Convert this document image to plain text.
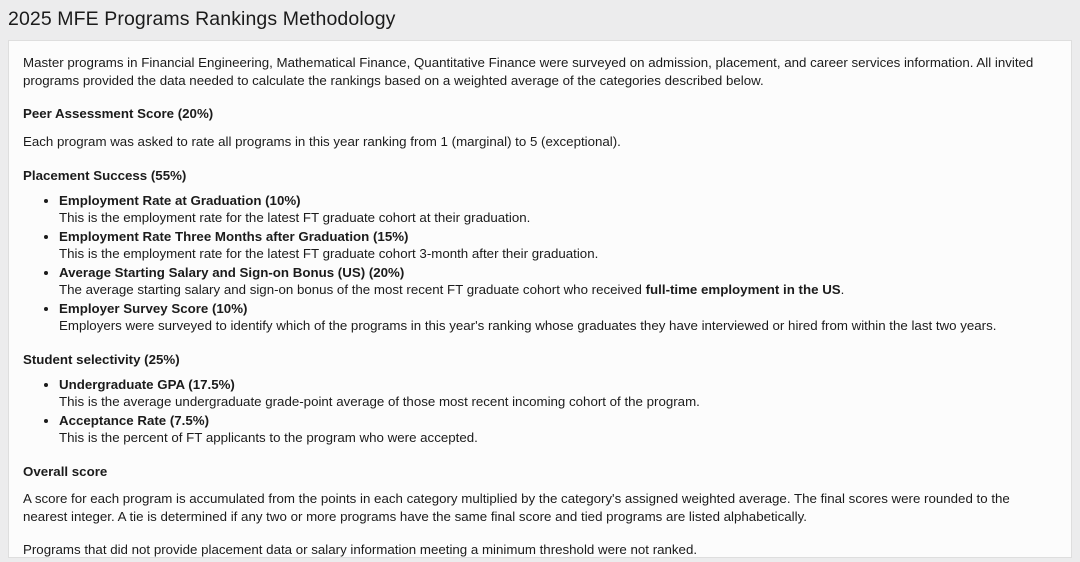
2025 MFE Programs Rankings Methodology

Master programs in Financial Engineering, Mathematical Finance, Quantitative Finance were surveyed on admission, placement, and career services information. All invited programs provided the data needed to calculate the rankings based on a weighted average of the categories described below.

Peer Assessment Score (20%)

Each program was asked to rate all programs in this year ranking from 1 (marginal) to 5 (exceptional).

Placement Success (55%)
• Employment Rate at Graduation (10%)
This is the employment rate for the latest FT graduate cohort at their graduation.
• Employment Rate Three Months after Graduation (15%)
This is the employment rate for the latest FT graduate cohort 3-month after their graduation.
• Average Starting Salary and Sign-on Bonus (US) (20%)
The average starting salary and sign-on bonus of the most recent FT graduate cohort who received full-time employment in the US.
• Employer Survey Score (10%)
Employers were surveyed to identify which of the programs in this year's ranking whose graduates they have interviewed or hired from within the last two years.
Student selectivity (25%)
• Undergraduate GPA (17.5%)
This is the average undergraduate grade-point average of those most recent incoming cohort of the program.
• Acceptance Rate (7.5%)
This is the percent of FT applicants to the program who were accepted.
Overall score

A score for each program is accumulated from the points in each category multiplied by the category's assigned weighted average. The final scores were rounded to the nearest integer. A tie is determined if any two or more programs have the same final score and tied programs are listed alphabetically.

Programs that did not provide placement data or salary information meeting a minimum threshold were not ranked.
